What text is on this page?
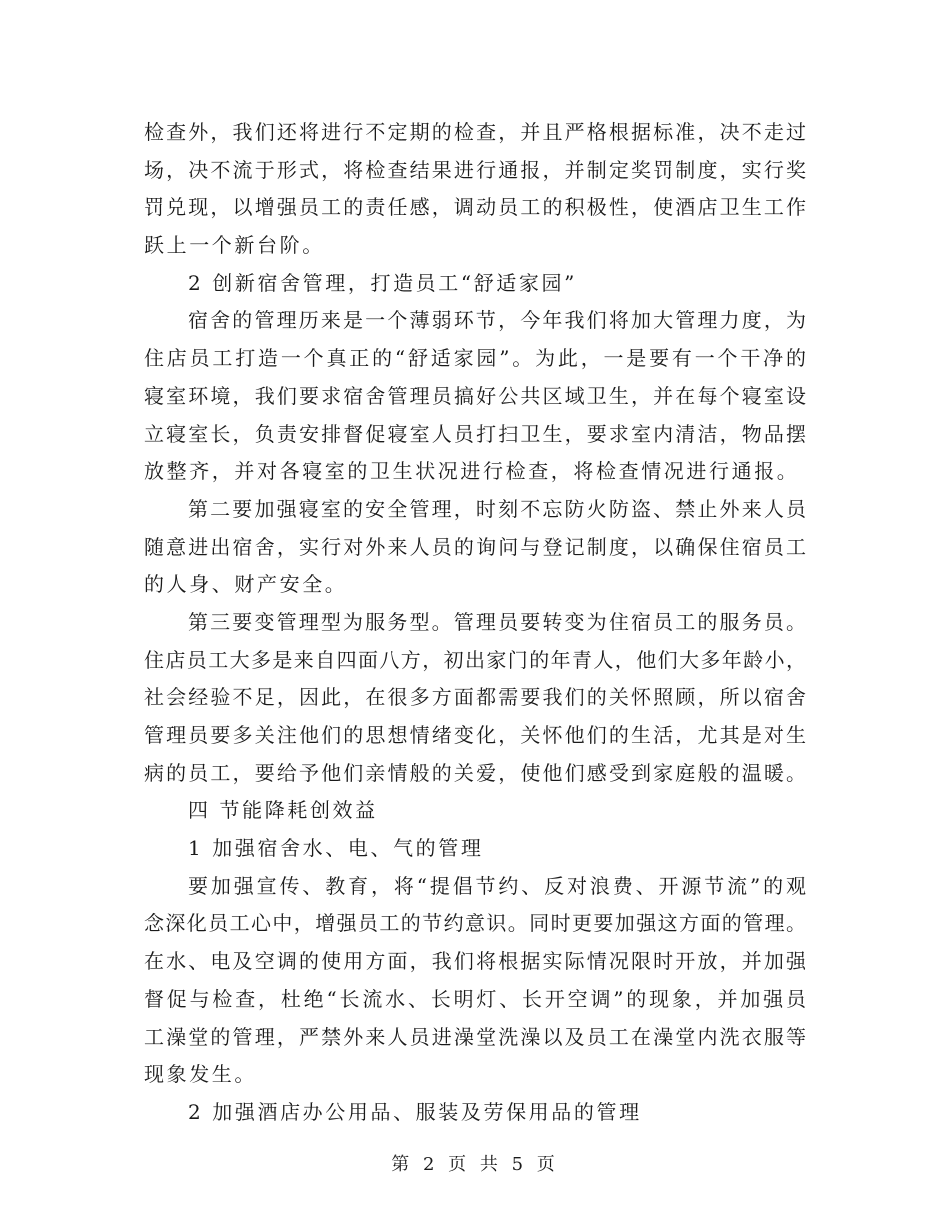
检查外，我们还将进行不定期的检查，并且严格根据标准，决不走过
场，决不流于形式，将检查结果进行通报，并制定奖罚制度，实行奖
罚兑现，以增强员工的责任感，调动员工的积极性，使酒店卫生工作
跃上一个新台阶。
2 创新宿舍管理，打造员工“舒适家园”
宿舍的管理历来是一个薄弱环节，今年我们将加大管理力度，为
住店员工打造一个真正的“舒适家园”。为此，一是要有一个干净的
寝室环境，我们要求宿舍管理员搞好公共区域卫生，并在每个寝室设
立寝室长，负责安排督促寝室人员打扫卫生，要求室内清洁，物品摆
放整齐，并对各寝室的卫生状况进行检查，将检查情况进行通报。
第二要加强寝室的安全管理，时刻不忘防火防盗、禁止外来人员
随意进出宿舍，实行对外来人员的询问与登记制度，以确保住宿员工
的人身、财产安全。
第三要变管理型为服务型。管理员要转变为住宿员工的服务员。
住店员工大多是来自四面八方，初出家门的年青人，他们大多年龄小，
社会经验不足，因此，在很多方面都需要我们的关怀照顾，所以宿舍
管理员要多关注他们的思想情绪变化，关怀他们的生活，尤其是对生
病的员工，要给予他们亲情般的关爱，使他们感受到家庭般的温暖。
四 节能降耗创效益
1 加强宿舍水、电、气的管理
要加强宣传、教育，将“提倡节约、反对浪费、开源节流”的观
念深化员工心中，增强员工的节约意识。同时更要加强这方面的管理。
在水、电及空调的使用方面，我们将根据实际情况限时开放，并加强
督促与检查，杜绝“长流水、长明灯、长开空调”的现象，并加强员
工澡堂的管理，严禁外来人员进澡堂洗澡以及员工在澡堂内洗衣服等
现象发生。
2 加强酒店办公用品、服装及劳保用品的管理
第 2 页 共 5 页
